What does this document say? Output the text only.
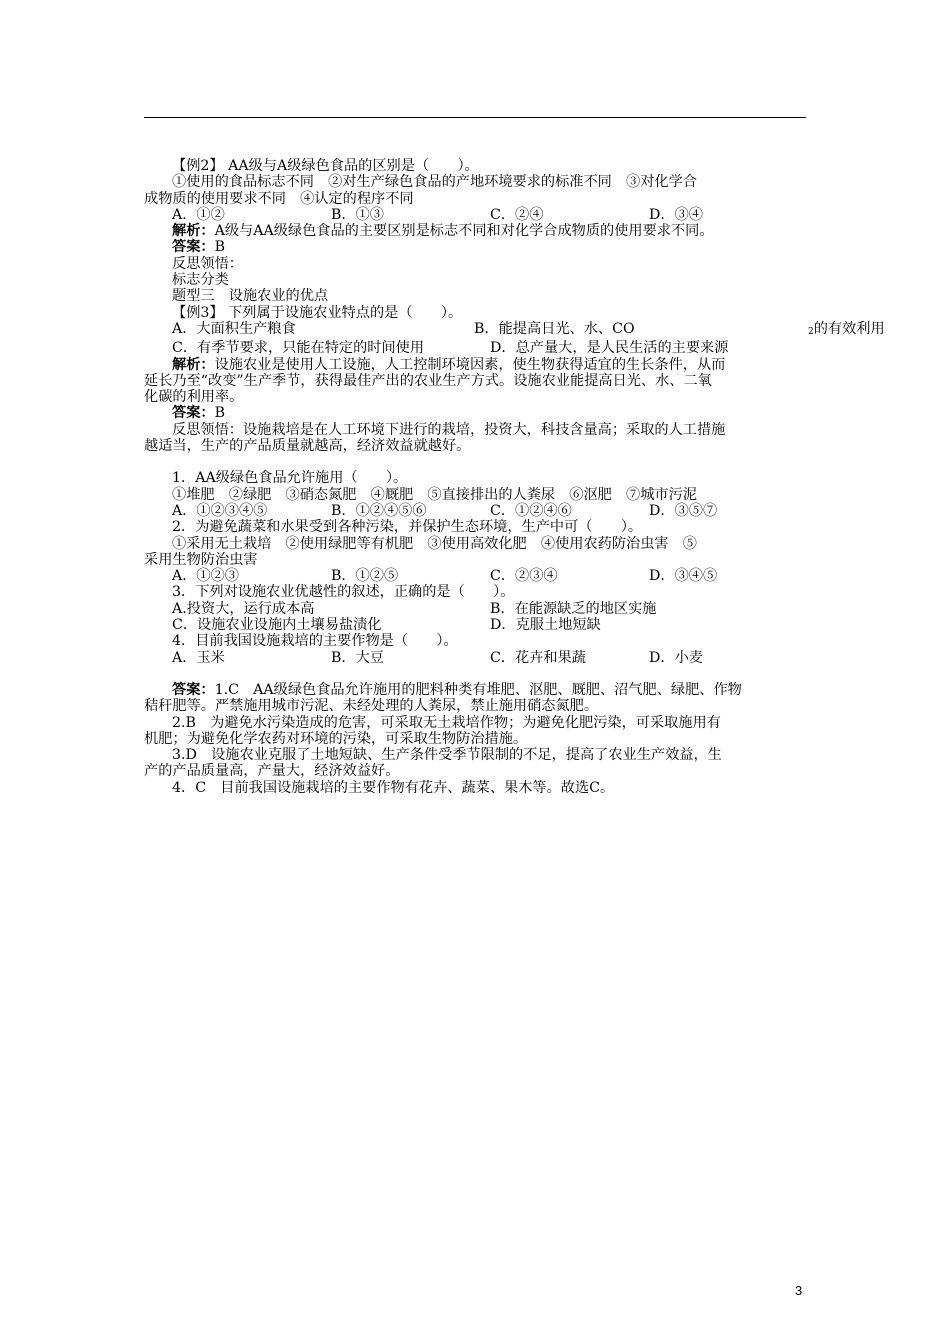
【例2】 AA级与A级绿色食品的区别是（　　）。
①使用的食品标志不同　②对生产绿色食品的产地环境要求的标准不同　③对化学合
成物质的使用要求不同　④认定的程序不同
A．①②	B．①③	C．②④	D．③④
解析：A级与AA级绿色食品的主要区别是标志不同和对化学合成物质的使用要求不同。
答案：B
反思领悟：
标志分类
题型三　设施农业的优点
【例3】 下列属于设施农业特点的是（　　）。
A．大面积生产粮食	B．能提高日光、水、CO	$_2$的有效利用
C．有季节要求，只能在特定的时间使用	D．总产量大，是人民生活的主要来源
解析：设施农业是使用人工设施，人工控制环境因素，使生物获得适宜的生长条件，从而
延长乃至“改变”生产季节，获得最佳产出的农业生产方式。设施农业能提高日光、水、二氧
化碳的利用率。
答案：B
反思领悟：设施栽培是在人工环境下进行的栽培，投资大，科技含量高；采取的人工措施
越适当，生产的产品质量就越高，经济效益就越好。
1．AA级绿色食品允许施用（　　）。
①堆肥　②绿肥　③硝态氮肥　④厩肥　⑤直接排出的人粪尿　⑥沤肥　⑦城市污泥
A．①②③④⑤	B．①②④⑤⑥	C．①②④⑥	D．③⑤⑦
2．为避免蔬菜和水果受到各种污染，并保护生态环境，生产中可（　　）。
①采用无土栽培　②使用绿肥等有机肥　③使用高效化肥　④使用农药防治虫害　⑤
采用生物防治虫害
A．①②③	B．①②⑤	C．②③④	D．③④⑤
3．下列对设施农业优越性的叙述，正确的是（　　）。
A.投资大，运行成本高	B．在能源缺乏的地区实施
C．设施农业设施内土壤易盐渍化	D．克服土地短缺
4．目前我国设施栽培的主要作物是（　　）。
A．玉米	B．大豆	C．花卉和果蔬	D．小麦
答案：1.C　AA级绿色食品允许施用的肥料种类有堆肥、沤肥、厩肥、沼气肥、绿肥、作物
秸秆肥等。严禁施用城市污泥、未经处理的人粪尿，禁止施用硝态氮肥。
2.B　为避免水污染造成的危害，可采取无土栽培作物；为避免化肥污染，可采取施用有
机肥；为避免化学农药对环境的污染，可采取生物防治措施。
3.D　设施农业克服了土地短缺、生产条件受季节限制的不足，提高了农业生产效益，生
产的产品质量高，产量大，经济效益好。
4．C　目前我国设施栽培的主要作物有花卉、蔬菜、果木等。故选C。
3
